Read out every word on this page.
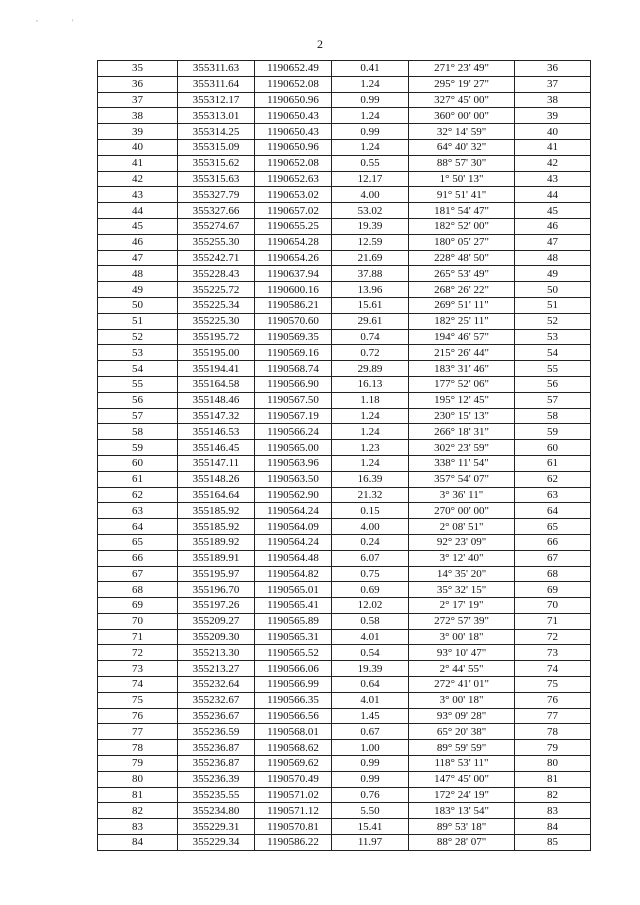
,	'
2
35	355311.63	1190652.49	0.41	271° 23' 49"	36
36	355311.64	1190652.08	1.24	295° 19' 27"	37
37	355312.17	1190650.96	0.99	327° 45' 00"	38
38	355313.01	1190650.43	1.24	360° 00' 00"	39
39	355314.25	1190650.43	0.99	32° 14' 59"	40
40	355315.09	1190650.96	1.24	64° 40' 32"	41
41	355315.62	1190652.08	0.55	88° 57' 30"	42
42	355315.63	1190652.63	12.17	1° 50' 13"	43
43	355327.79	1190653.02	4.00	91° 51' 41"	44
44	355327.66	1190657.02	53.02	181° 54' 47"	45
45	355274.67	1190655.25	19.39	182° 52' 00"	46
46	355255.30	1190654.28	12.59	180° 05' 27"	47
47	355242.71	1190654.26	21.69	228° 48' 50"	48
48	355228.43	1190637.94	37.88	265° 53' 49"	49
49	355225.72	1190600.16	13.96	268° 26' 22"	50
50	355225.34	1190586.21	15.61	269° 51' 11"	51
51	355225.30	1190570.60	29.61	182° 25' 11"	52
52	355195.72	1190569.35	0.74	194° 46' 57"	53
53	355195.00	1190569.16	0.72	215° 26' 44"	54
54	355194.41	1190568.74	29.89	183° 31' 46"	55
55	355164.58	1190566.90	16.13	177° 52' 06"	56
56	355148.46	1190567.50	1.18	195° 12' 45"	57
57	355147.32	1190567.19	1.24	230° 15' 13"	58
58	355146.53	1190566.24	1.24	266° 18' 31"	59
59	355146.45	1190565.00	1.23	302° 23' 59"	60
60	355147.11	1190563.96	1.24	338° 11' 54"	61
61	355148.26	1190563.50	16.39	357° 54' 07"	62
62	355164.64	1190562.90	21.32	3° 36' 11"	63
63	355185.92	1190564.24	0.15	270° 00' 00"	64
64	355185.92	1190564.09	4.00	2° 08' 51"	65
65	355189.92	1190564.24	0.24	92° 23' 09"	66
66	355189.91	1190564.48	6.07	3° 12' 40"	67
67	355195.97	1190564.82	0.75	14° 35' 20"	68
68	355196.70	1190565.01	0.69	35° 32' 15"	69
69	355197.26	1190565.41	12.02	2° 17' 19"	70
70	355209.27	1190565.89	0.58	272° 57' 39"	71
71	355209.30	1190565.31	4.01	3° 00' 18"	72
72	355213.30	1190565.52	0.54	93° 10' 47"	73
73	355213.27	1190566.06	19.39	2° 44' 55"	74
74	355232.64	1190566.99	0.64	272° 41' 01"	75
75	355232.67	1190566.35	4.01	3° 00' 18"	76
76	355236.67	1190566.56	1.45	93° 09' 28"	77
77	355236.59	1190568.01	0.67	65° 20' 38"	78
78	355236.87	1190568.62	1.00	89° 59' 59"	79
79	355236.87	1190569.62	0.99	118° 53' 11"	80
80	355236.39	1190570.49	0.99	147° 45' 00"	81
81	355235.55	1190571.02	0.76	172° 24' 19"	82
82	355234.80	1190571.12	5.50	183° 13' 54"	83
83	355229.31	1190570.81	15.41	89° 53' 18"	84
84	355229.34	1190586.22	11.97	88° 28' 07"	85
